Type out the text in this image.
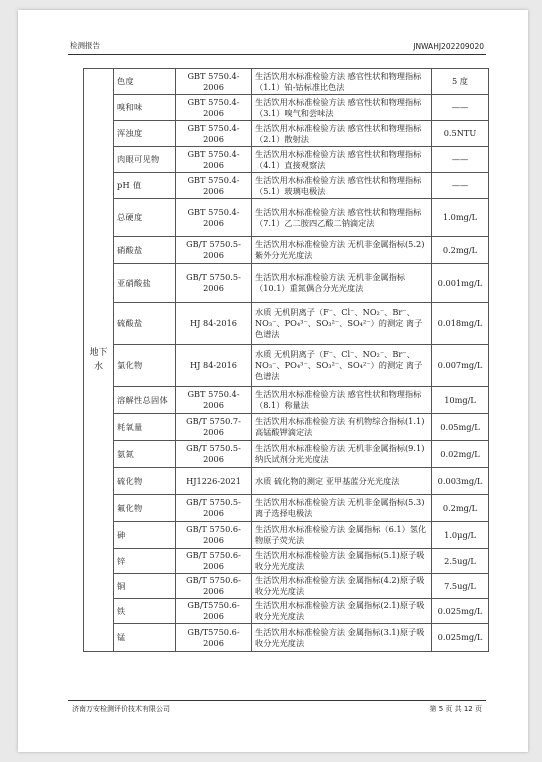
检测报告	JNWAHJ202209020
地下水	色度	GBT 5750.4-2006	生活饮用水标准检验方法 感官性状和物理指标（1.1）铂-钴标准比色法	5 度
	嗅和味	GBT 5750.4-2006	生活饮用水标准检验方法 感官性状和物理指标（3.1）嗅气和尝味法	——
	浑浊度	GBT 5750.4-2006	生活饮用水标准检验方法 感官性状和物理指标（2.1）散射法	0.5NTU
	肉眼可见物	GBT 5750.4-2006	生活饮用水标准检验方法 感官性状和物理指标（4.1）直接观察法	——
	pH 值	GBT 5750.4-2006	生活饮用水标准检验方法 感官性状和物理指标（5.1）玻璃电极法	——
	总硬度	GBT 5750.4-2006	生活饮用水标准检验方法 感官性状和物理指标（7.1）乙二胺四乙酸二钠滴定法	1.0mg/L
	硝酸盐	GB/T 5750.5-2006	生活饮用水标准检验方法 无机非金属指标(5.2)紫外分光光度法	0.2mg/L
	亚硝酸盐	GB/T 5750.5-2006	生活饮用水标准检验方法 无机非金属指标（10.1）重氮偶合分光光度法	0.001mg/L
	硫酸盐	HJ 84-2016	水质 无机阴离子（F⁻、Cl⁻、NO₂⁻、Br⁻、NO₃⁻、PO₄³⁻、SO₃²⁻、SO₄²⁻）的测定 离子色谱法	0.018mg/L
	氯化物	HJ 84-2016	水质 无机阴离子（F⁻、Cl⁻、NO₂⁻、Br⁻、NO₃⁻、PO₄³⁻、SO₃²⁻、SO₄²⁻）的测定 离子色谱法	0.007mg/L
	溶解性总固体	GBT 5750.4-2006	生活饮用水标准检验方法 感官性状和物理指标（8.1）称量法	10mg/L
	耗氧量	GB/T 5750.7-2006	生活饮用水标准检验方法 有机物综合指标(1.1)高锰酸钾滴定法	0.05mg/L
	氨氮	GB/T 5750.5-2006	生活饮用水标准检验方法 无机非金属指标(9.1)纳氏试剂分光光度法	0.02mg/L
	硫化物	HJ1226-2021	水质 硫化物的测定 亚甲基蓝分光光度法	0.003mg/L
	氟化物	GB/T 5750.5-2006	生活饮用水标准检验方法 无机非金属指标(5.3)离子选择电极法	0.2mg/L
	砷	GB/T 5750.6-2006	生活饮用水标准检验方法 金属指标（6.1）氢化物原子荧光法	1.0μg/L
	锌	GB/T 5750.6-2006	生活饮用水标准检验方法 金属指标(5.1)原子吸收分光光度法	2.5ug/L
	铜	GB/T 5750.6-2006	生活饮用水标准检验方法 金属指标(4.2)原子吸收分光光度法	7.5ug/L
	铁	GB/T5750.6-2006	生活饮用水标准检验方法 金属指标(2.1)原子吸收分光光度法	0.025mg/L
	锰	GB/T5750.6-2006	生活饮用水标准检验方法 金属指标(3.1)原子吸收分光光度法	0.025mg/L
济南万安检测评价技术有限公司	第 5 页 共 12 页
